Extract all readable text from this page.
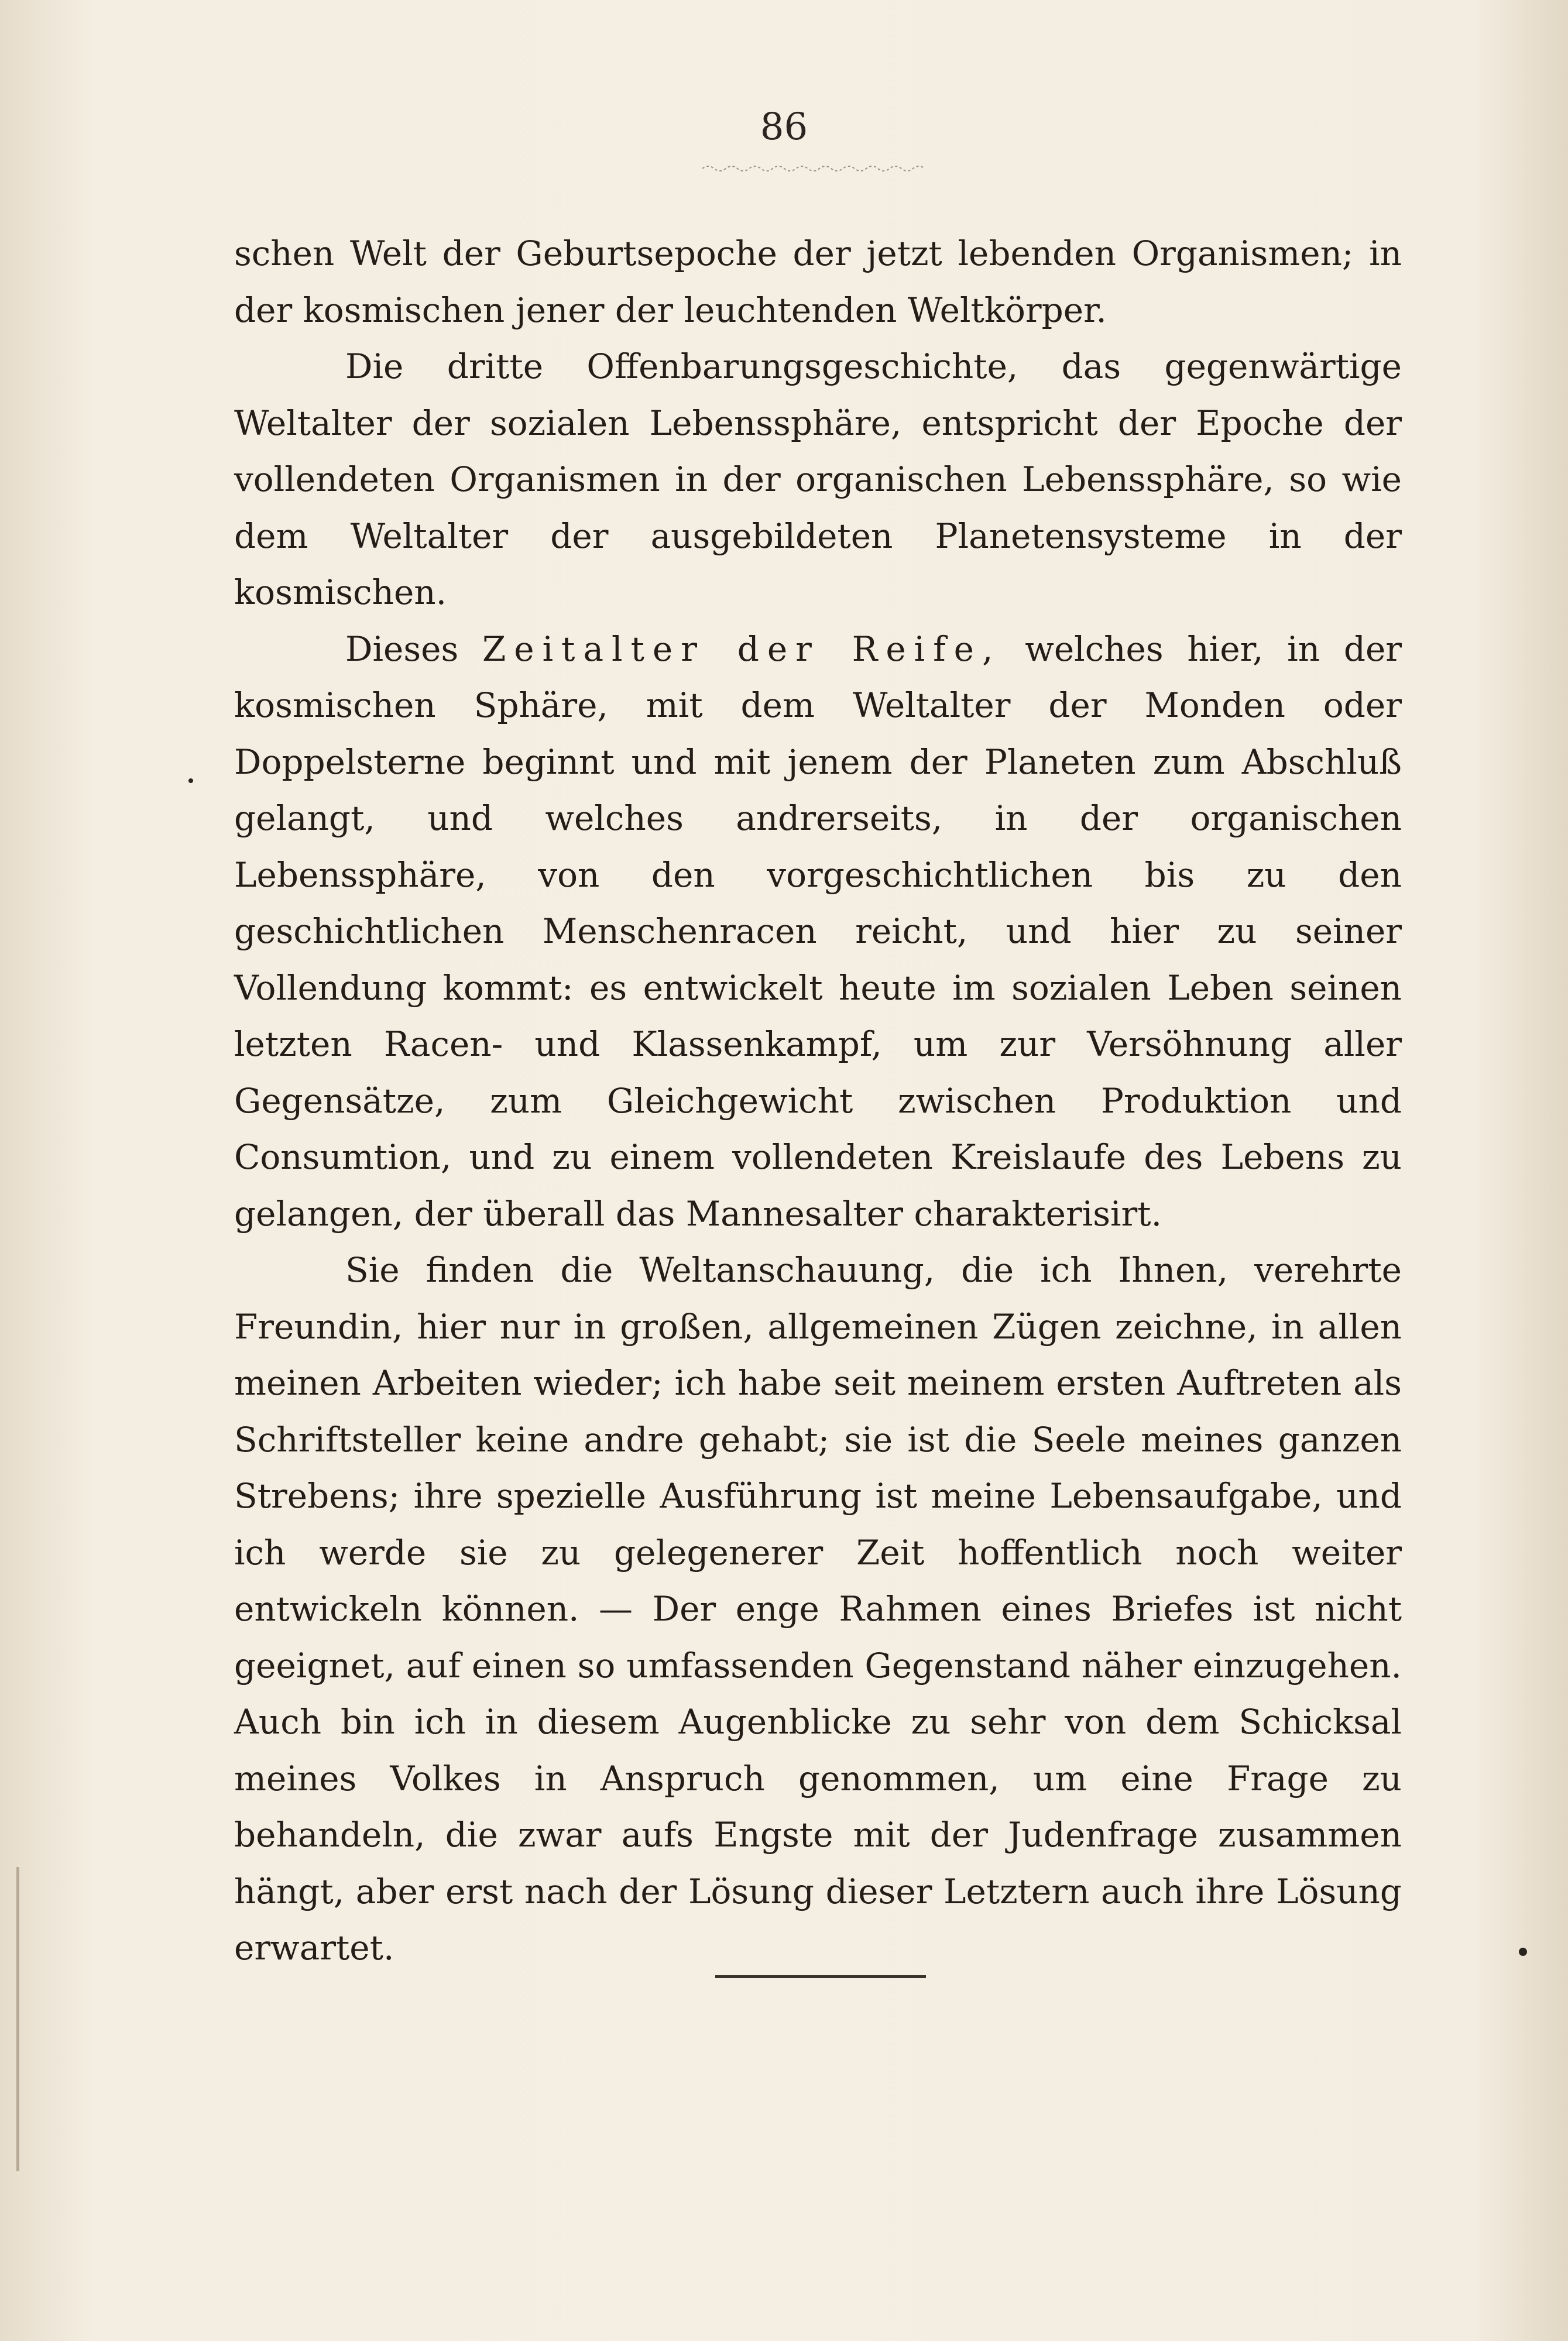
86

schen Welt der Geburtsepoche der jetzt lebenden Organismen; in der kosmischen jener der leuchtenden Weltkörper.

Die dritte Offenbarungsgeschichte, das gegenwärtige Weltalter der sozialen Lebenssphäre, entspricht der Epoche der vollendeten Organismen in der organischen Lebenssphäre, so wie dem Weltalter der ausgebildeten Planetensysteme in der kosmischen.

Dieses Zeitalter der Reife, welches hier, in der kosmischen Sphäre, mit dem Weltalter der Monden oder Doppelsterne beginnt und mit jenem der Planeten zum Abschluß gelangt, und welches andrerseits, in der organischen Lebenssphäre, von den vorgeschichtlichen bis zu den geschichtlichen Menschenracen reicht, und hier zu seiner Vollendung kommt: es entwickelt heute im sozialen Leben seinen letzten Racen- und Klassenkampf, um zur Versöhnung aller Gegensätze, zum Gleichgewicht zwischen Produktion und Consumtion, und zu einem vollendeten Kreislaufe des Lebens zu gelangen, der überall das Mannesalter charakterisirt.

Sie finden die Weltanschauung, die ich Ihnen, verehrte Freundin, hier nur in großen, allgemeinen Zügen zeichne, in allen meinen Arbeiten wieder; ich habe seit meinem ersten Auftreten als Schriftsteller keine andre gehabt; sie ist die Seele meines ganzen Strebens; ihre spezielle Ausführung ist meine Lebensaufgabe, und ich werde sie zu gelegenerer Zeit hoffentlich noch weiter entwickeln können. — Der enge Rahmen eines Briefes ist nicht geeignet, auf einen so umfassenden Gegenstand näher einzugehen. Auch bin ich in diesem Augenblicke zu sehr von dem Schicksal meines Volkes in Anspruch genommen, um eine Frage zu behandeln, die zwar aufs Engste mit der Judenfrage zusammen hängt, aber erst nach der Lösung dieser Letztern auch ihre Lösung erwartet.
